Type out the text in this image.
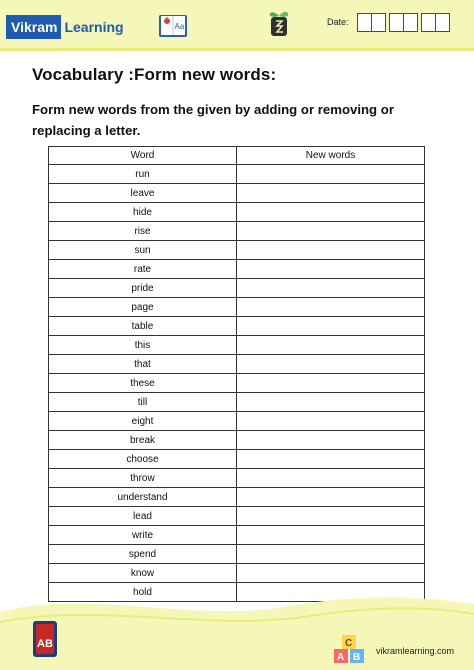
Vikram Learning	Aa	Date:
Vocabulary :Form new words:
Form new words from the given by adding or removing or replacing a letter.
Word	New words
run	
leave	
hide	
rise	
sun	
rate	
pride	
page	
table	
this	
that	
these	
till	
eight	
break	
choose	
throw	
understand	
lead	
write	
spend	
know	
hold	
AB
A B
C
vikramlearning.com
